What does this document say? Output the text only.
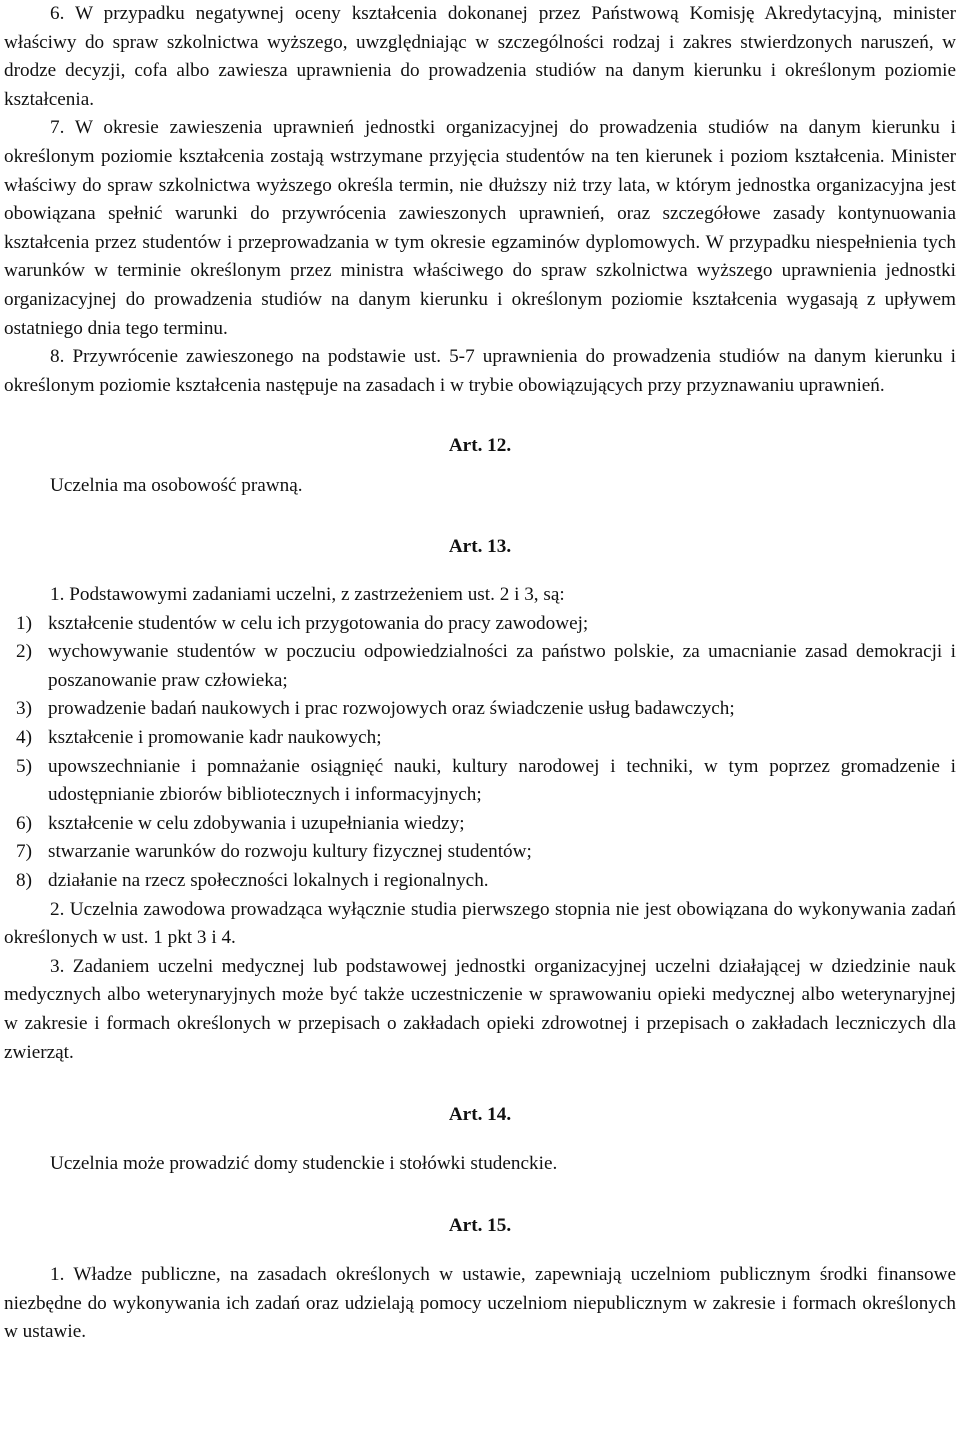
6. W przypadku negatywnej oceny kształcenia dokonanej przez Państwową Komisję Akredytacyjną, minister właściwy do spraw szkolnictwa wyższego, uwzględniając w szczególności rodzaj i zakres stwierdzonych naruszeń, w drodze decyzji, cofa albo zawiesza uprawnienia do prowadzenia studiów na danym kierunku i określonym poziomie kształcenia.

7. W okresie zawieszenia uprawnień jednostki organizacyjnej do prowadzenia studiów na danym kierunku i określonym poziomie kształcenia zostają wstrzymane przyjęcia studentów na ten kierunek i poziom kształcenia. Minister właściwy do spraw szkolnictwa wyższego określa termin, nie dłuższy niż trzy lata, w którym jednostka organizacyjna jest obowiązana spełnić warunki do przywrócenia zawieszonych uprawnień, oraz szczegółowe zasady kontynuowania kształcenia przez studentów i przeprowadzania w tym okresie egzaminów dyplomowych. W przypadku niespełnienia tych warunków w terminie określonym przez ministra właściwego do spraw szkolnictwa wyższego uprawnienia jednostki organizacyjnej do prowadzenia studiów na danym kierunku i określonym poziomie kształcenia wygasają z upływem ostatniego dnia tego terminu.

8. Przywrócenie zawieszonego na podstawie ust. 5-7 uprawnienia do prowadzenia studiów na danym kierunku i określonym poziomie kształcenia następuje na zasadach i w trybie obowiązujących przy przyznawaniu uprawnień.

Art. 12.

Uczelnia ma osobowość prawną.

Art. 13.

1. Podstawowymi zadaniami uczelni, z zastrzeżeniem ust. 2 i 3, są:

1) kształcenie studentów w celu ich przygotowania do pracy zawodowej;
2) wychowywanie studentów w poczuciu odpowiedzialności za państwo polskie, za umacnianie zasad demokracji i poszanowanie praw człowieka;
3) prowadzenie badań naukowych i prac rozwojowych oraz świadczenie usług badawczych;
4) kształcenie i promowanie kadr naukowych;
5) upowszechnianie i pomnażanie osiągnięć nauki, kultury narodowej i techniki, w tym poprzez gromadzenie i udostępnianie zbiorów bibliotecznych i informacyjnych;
6) kształcenie w celu zdobywania i uzupełniania wiedzy;
7) stwarzanie warunków do rozwoju kultury fizycznej studentów;
8) działanie na rzecz społeczności lokalnych i regionalnych.

2. Uczelnia zawodowa prowadząca wyłącznie studia pierwszego stopnia nie jest obowiązana do wykonywania zadań określonych w ust. 1 pkt 3 i 4.

3. Zadaniem uczelni medycznej lub podstawowej jednostki organizacyjnej uczelni działającej w dziedzinie nauk medycznych albo weterynaryjnych może być także uczestniczenie w sprawowaniu opieki medycznej albo weterynaryjnej w zakresie i formach określonych w przepisach o zakładach opieki zdrowotnej i przepisach o zakładach leczniczych dla zwierząt.

Art. 14.

Uczelnia może prowadzić domy studenckie i stołówki studenckie.

Art. 15.

1. Władze publiczne, na zasadach określonych w ustawie, zapewniają uczelniom publicznym środki finansowe niezbędne do wykonywania ich zadań oraz udzielają pomocy uczelniom niepublicznym w zakresie i formach określonych w ustawie.
